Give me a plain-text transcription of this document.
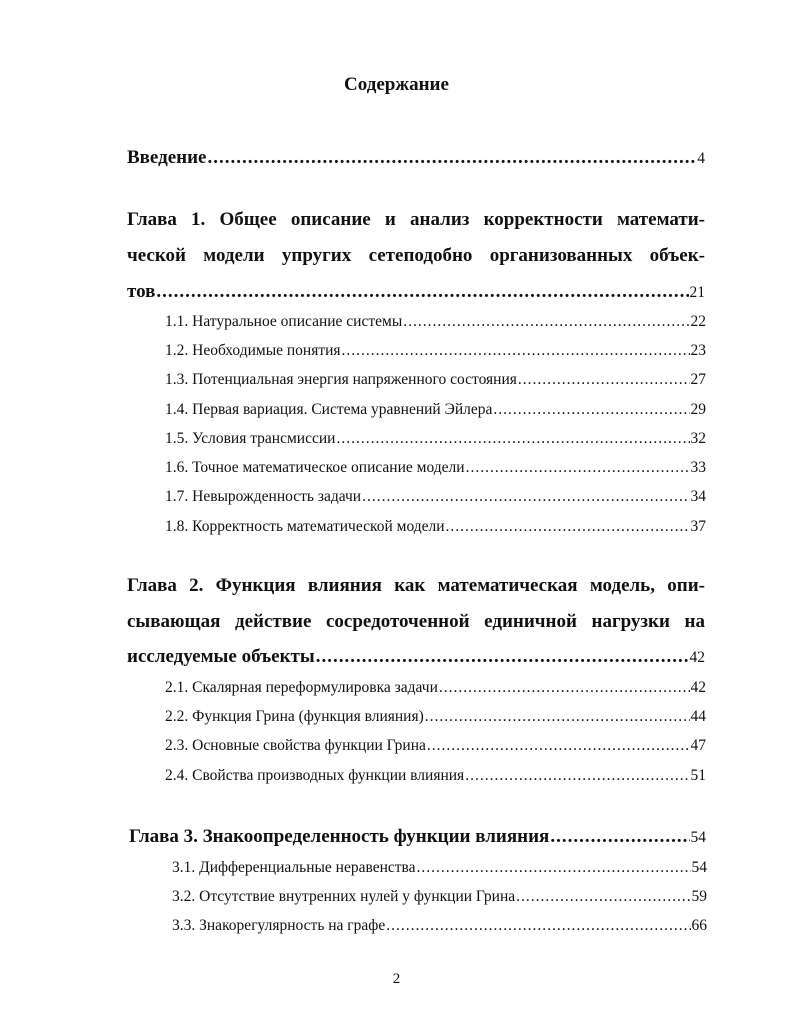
Содержание
Введение .....	4
Глава 1. Общее описание и анализ корректности математи-
ческой модели упругих сетеподобно организованных объек-
тов .....	21
1.1. Натуральное описание системы .....	22
1.2. Необходимые понятия .....	23
1.3. Потенциальная энергия напряженного состояния .....	27
1.4. Первая вариация. Система уравнений Эйлера .....	29
1.5. Условия трансмиссии .....	32
1.6. Точное математическое описание модели .....	33
1.7. Невырожденность задачи .....	34
1.8. Корректность математической модели .....	37
Глава 2. Функция влияния как математическая модель, опи-
сывающая действие сосредоточенной единичной нагрузки на
исследуемые объекты .....	42
2.1. Скалярная переформулировка задачи .....	42
2.2. Функция Грина (функция влияния) .....	44
2.3. Основные свойства функции Грина .....	47
2.4. Свойства производных функции влияния .....	51
Глава 3. Знакоопределенность функции влияния .....	54
3.1. Дифференциальные неравенства .....	54
3.2. Отсутствие внутренних нулей у функции Грина .....	59
3.3. Знакорегулярность на графе .....	66
2
